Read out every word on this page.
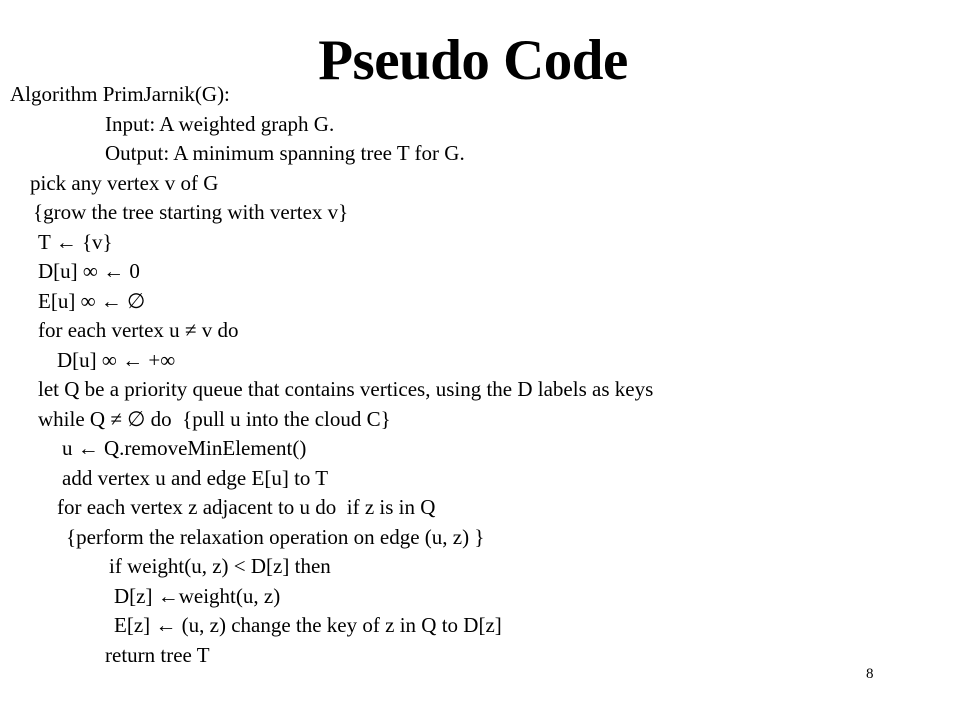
Pseudo Code
Algorithm PrimJarnik(G):
Input: A weighted graph G.
Output: A minimum spanning tree T for G.
pick any vertex v of G
{grow the tree starting with vertex v}
T ← {v}
D[u] ∞ ← 0
E[u] ∞ ← ∅
for each vertex u ≠ v do
D[u] ∞ ← +∞
let Q be a priority queue that contains vertices, using the D labels as keys
while Q ≠ ∅ do  {pull u into the cloud C}
u ← Q.removeMinElement()
add vertex u and edge E[u] to T
for each vertex z adjacent to u do  if z is in Q
{perform the relaxation operation on edge (u, z) }
if weight(u, z) < D[z] then
D[z] ←weight(u, z)
E[z] ← (u, z) change the key of z in Q to D[z]
return tree T
8
